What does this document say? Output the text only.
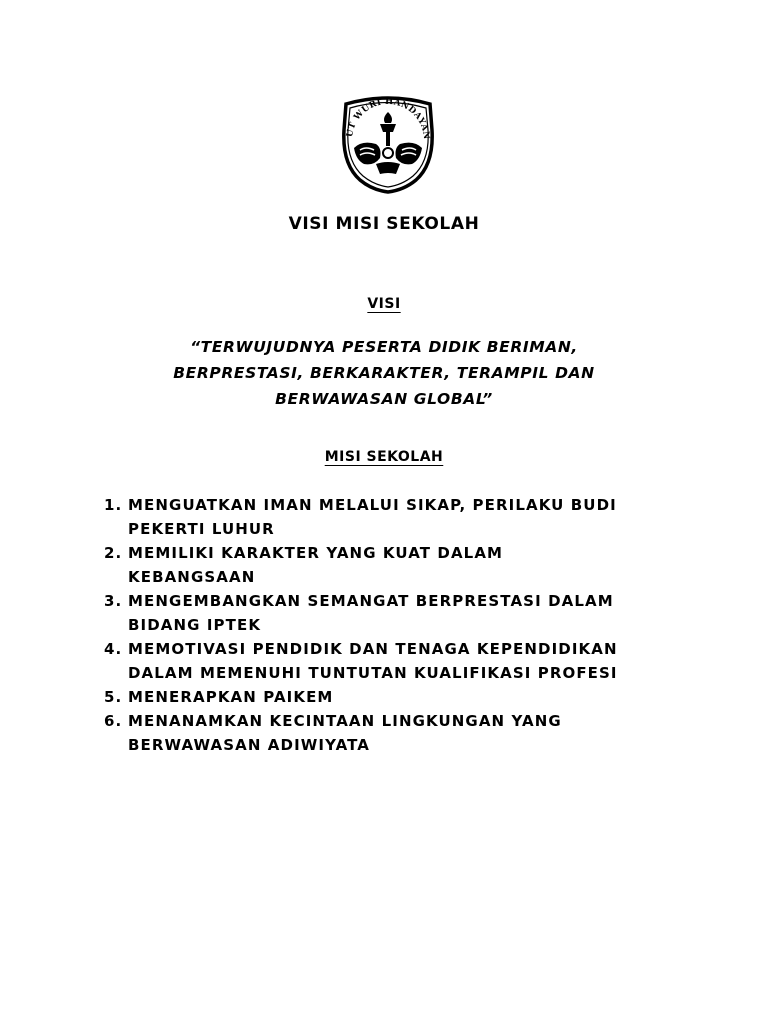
UT WURI HANDAYAN
VISI MISI SEKOLAH
VISI
“TERWUJUDNYA PESERTA DIDIK BERIMAN,
BERPRESTASI, BERKARAKTER, TERAMPIL DAN
BERWAWASAN GLOBAL”
MISI SEKOLAH
1. MENGUATKAN IMAN MELALUI SIKAP, PERILAKU BUDI
PEKERTI LUHUR
2. MEMILIKI KARAKTER YANG KUAT DALAM
KEBANGSAAN
3. MENGEMBANGKAN SEMANGAT BERPRESTASI DALAM
BIDANG IPTEK
4. MEMOTIVASI PENDIDIK DAN TENAGA KEPENDIDIKAN
DALAM MEMENUHI TUNTUTAN KUALIFIKASI PROFESI
5. MENERAPKAN PAIKEM
6. MENANAMKAN KECINTAAN LINGKUNGAN YANG
BERWAWASAN ADIWIYATA
